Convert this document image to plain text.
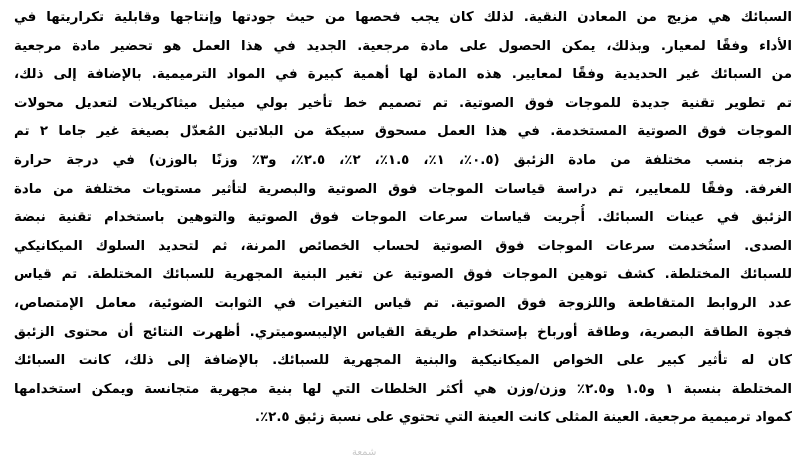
السبائك هي مزيج من المعادن النقية. لذلك كان يجب فحصها من حيث جودتها وإنتاجها وقابلية تكراريتها في
الأداء وفقًا لمعيار. وبذلك، يمكن الحصول على مادة مرجعية. الجديد في هذا العمل هو تحضير مادة مرجعية
من السبائك غير الحديدية وفقًا لمعايير. هذه المادة لها أهمية كبيرة في المواد الترميمية. بالإضافة إلى ذلك،
تم تطوير تقنية جديدة للموجات فوق الصوتية. تم تصميم خط تأخير بولي ميثيل ميثاكريلات لتعديل محولات
الموجات فوق الصوتية المستخدمة. في هذا العمل مسحوق سبيكة من البلاتين المُعدّل بصيغة غير جاما ٢ تم
مزجه بنسب مختلفة من مادة الزئبق (٠.٥٪، ١٪، ١.٥٪، ٢٪، ٢.٥٪، و٣٪ وزنًا بالوزن) في درجة حرارة
الغرفة. وفقًا للمعايير، تم دراسة قياسات الموجات فوق الصوتية والبصرية لتأثير مستويات مختلفة من مادة
الزئبق في عينات السبائك. أُجريت قياسات سرعات الموجات فوق الصوتية والتوهين باستخدام تقنية نبضة
الصدى. استُخدمت سرعات الموجات فوق الصوتية لحساب الخصائص المرنة، ثم لتحديد السلوك الميكانيكي
للسبائك المختلطة. كشف توهين الموجات فوق الصوتية عن تغير البنية المجهرية للسبائك المختلطة. تم قياس
عدد الروابط المتقاطعة واللزوجة فوق الصوتية. تم قياس التغيرات في الثوابت الضوئية، معامل الإمتصاص،
فجوة الطاقة البصرية، وطاقة أورباخ بإستخدام طريقة القياس الإليبسوميتري. أظهرت النتائج أن محتوى الزئبق
كان له تأثير كبير على الخواص الميكانيكية والبنية المجهرية للسبائك. بالإضافة إلى ذلك، كانت السبائك
المختلطة بنسبة ١ و١.٥ و٢.٥٪ وزن/وزن هي أكثر الخلطات التي لها بنية مجهرية متجانسة ويمكن استخدامها
كمواد ترميمية مرجعية. العينة المثلى كانت العينة التي تحتوي على نسبة زئبق ٢.٥٪.
شمعة
